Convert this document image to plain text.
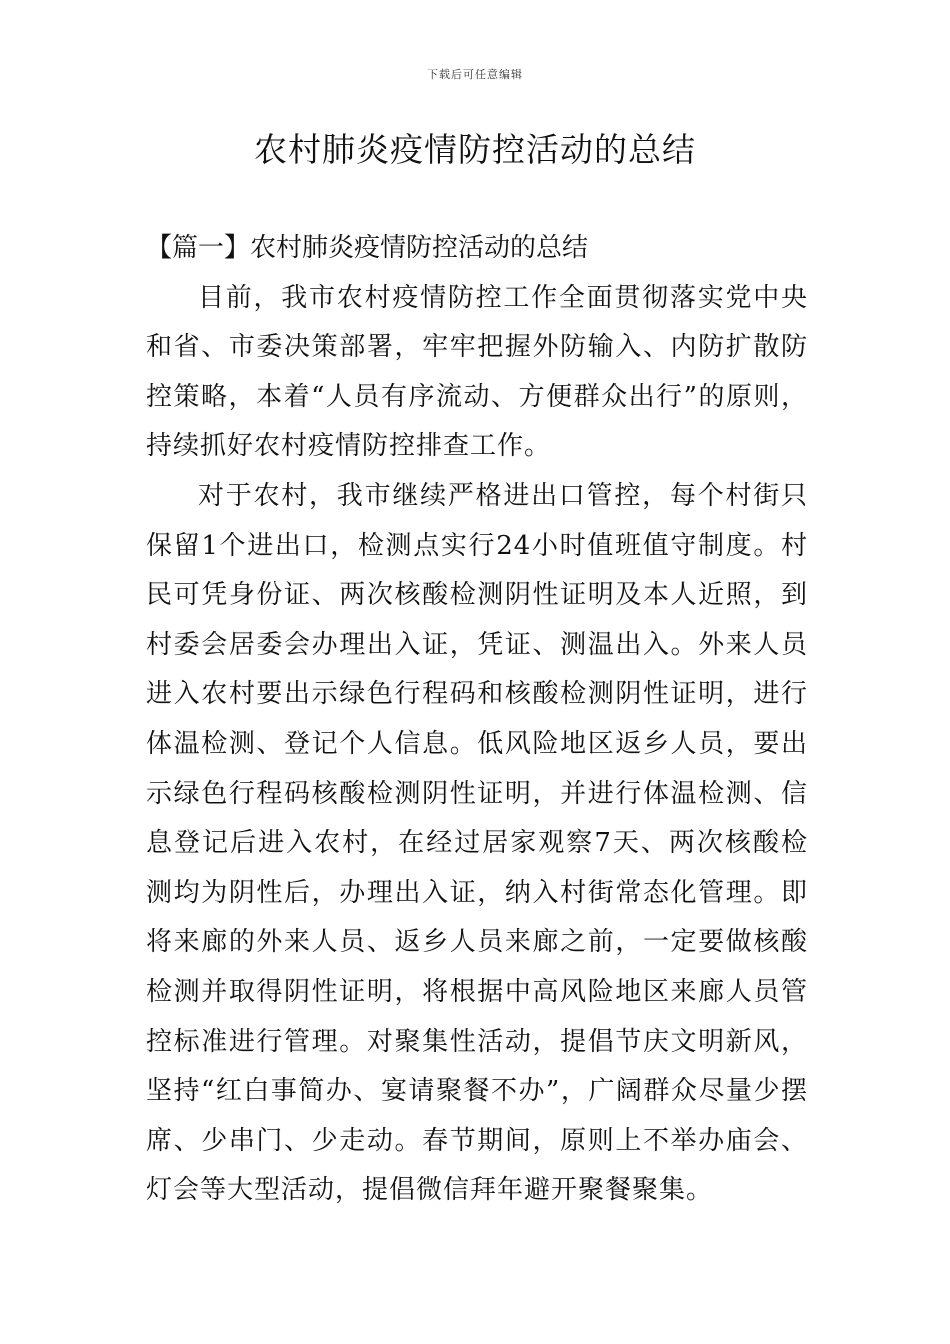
下载后可任意编辑
农村肺炎疫情防控活动的总结

【篇一】农村肺炎疫情防控活动的总结

目前，我市农村疫情防控工作全面贯彻落实党中央和省、市委决策部署，牢牢把握外防输入、内防扩散防控策略，本着“人员有序流动、方便群众出行”的原则，持续抓好农村疫情防控排查工作。

对于农村，我市继续严格进出口管控，每个村街只保留1个进出口，检测点实行24小时值班值守制度。村民可凭身份证、两次核酸检测阴性证明及本人近照，到村委会居委会办理出入证，凭证、测温出入。外来人员进入农村要出示绿色行程码和核酸检测阴性证明，进行体温检测、登记个人信息。低风险地区返乡人员，要出示绿色行程码核酸检测阴性证明，并进行体温检测、信息登记后进入农村，在经过居家观察7天、两次核酸检测均为阴性后，办理出入证，纳入村街常态化管理。即将来廊的外来人员、返乡人员来廊之前，一定要做核酸检测并取得阴性证明，将根据中高风险地区来廊人员管控标准进行管理。对聚集性活动，提倡节庆文明新风，坚持“红白事简办、宴请聚餐不办”，广阔群众尽量少摆席、少串门、少走动。春节期间，原则上不举办庙会、灯会等大型活动，提倡微信拜年避开聚餐聚集。
